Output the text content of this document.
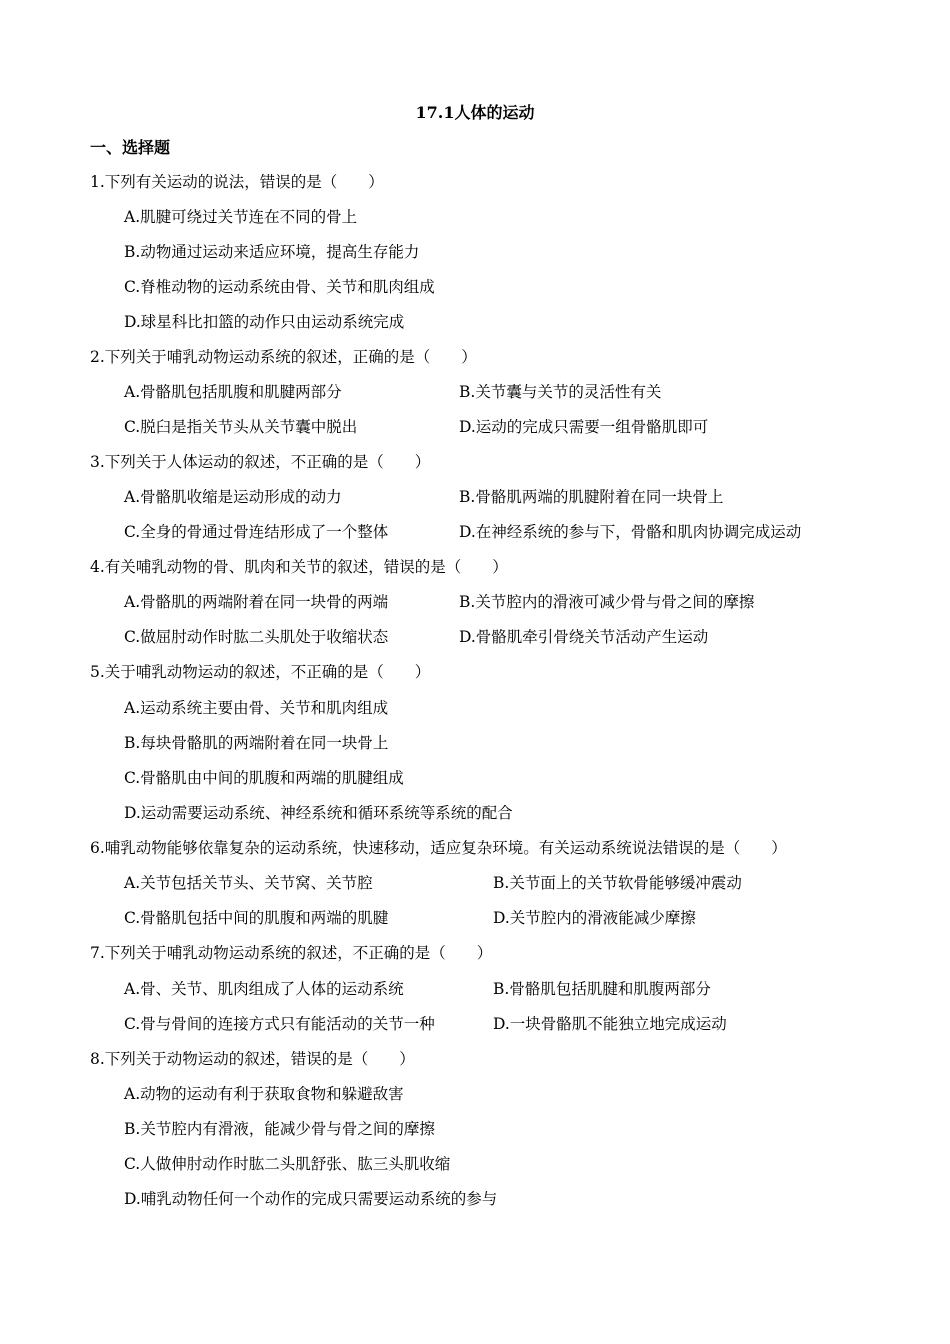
17.1人体的运动
一、选择题
1.下列有关运动的说法，错误的是（　　）
A.肌腱可绕过关节连在不同的骨上
B.动物通过运动来适应环境，提高生存能力
C.脊椎动物的运动系统由骨、关节和肌肉组成
D.球星科比扣篮的动作只由运动系统完成
2.下列关于哺乳动物运动系统的叙述，正确的是（　　）
A.骨骼肌包括肌腹和肌腱两部分	B.关节囊与关节的灵活性有关
C.脱臼是指关节头从关节囊中脱出	D.运动的完成只需要一组骨骼肌即可
3.下列关于人体运动的叙述，不正确的是（　　）
A.骨骼肌收缩是运动形成的动力	B.骨骼肌两端的肌腱附着在同一块骨上
C.全身的骨通过骨连结形成了一个整体	D.在神经系统的参与下，骨骼和肌肉协调完成运动
4.有关哺乳动物的骨、肌肉和关节的叙述，错误的是（　　）
A.骨骼肌的两端附着在同一块骨的两端	B.关节腔内的滑液可减少骨与骨之间的摩擦
C.做屈肘动作时肱二头肌处于收缩状态	D.骨骼肌牵引骨绕关节活动产生运动
5.关于哺乳动物运动的叙述，不正确的是（　　）
A.运动系统主要由骨、关节和肌肉组成
B.每块骨骼肌的两端附着在同一块骨上
C.骨骼肌由中间的肌腹和两端的肌腱组成
D.运动需要运动系统、神经系统和循环系统等系统的配合
6.哺乳动物能够依靠复杂的运动系统，快速移动，适应复杂环境。有关运动系统说法错误的是（　　）
A.关节包括关节头、关节窝、关节腔	B.关节面上的关节软骨能够缓冲震动
C.骨骼肌包括中间的肌腹和两端的肌腱	D.关节腔内的滑液能减少摩擦
7.下列关于哺乳动物运动系统的叙述，不正确的是（　　）
A.骨、关节、肌肉组成了人体的运动系统	B.骨骼肌包括肌腱和肌腹两部分
C.骨与骨间的连接方式只有能活动的关节一种	D.一块骨骼肌不能独立地完成运动
8.下列关于动物运动的叙述，错误的是（　　）
A.动物的运动有利于获取食物和躲避敌害
B.关节腔内有滑液，能减少骨与骨之间的摩擦
C.人做伸肘动作时肱二头肌舒张、肱三头肌收缩
D.哺乳动物任何一个动作的完成只需要运动系统的参与
